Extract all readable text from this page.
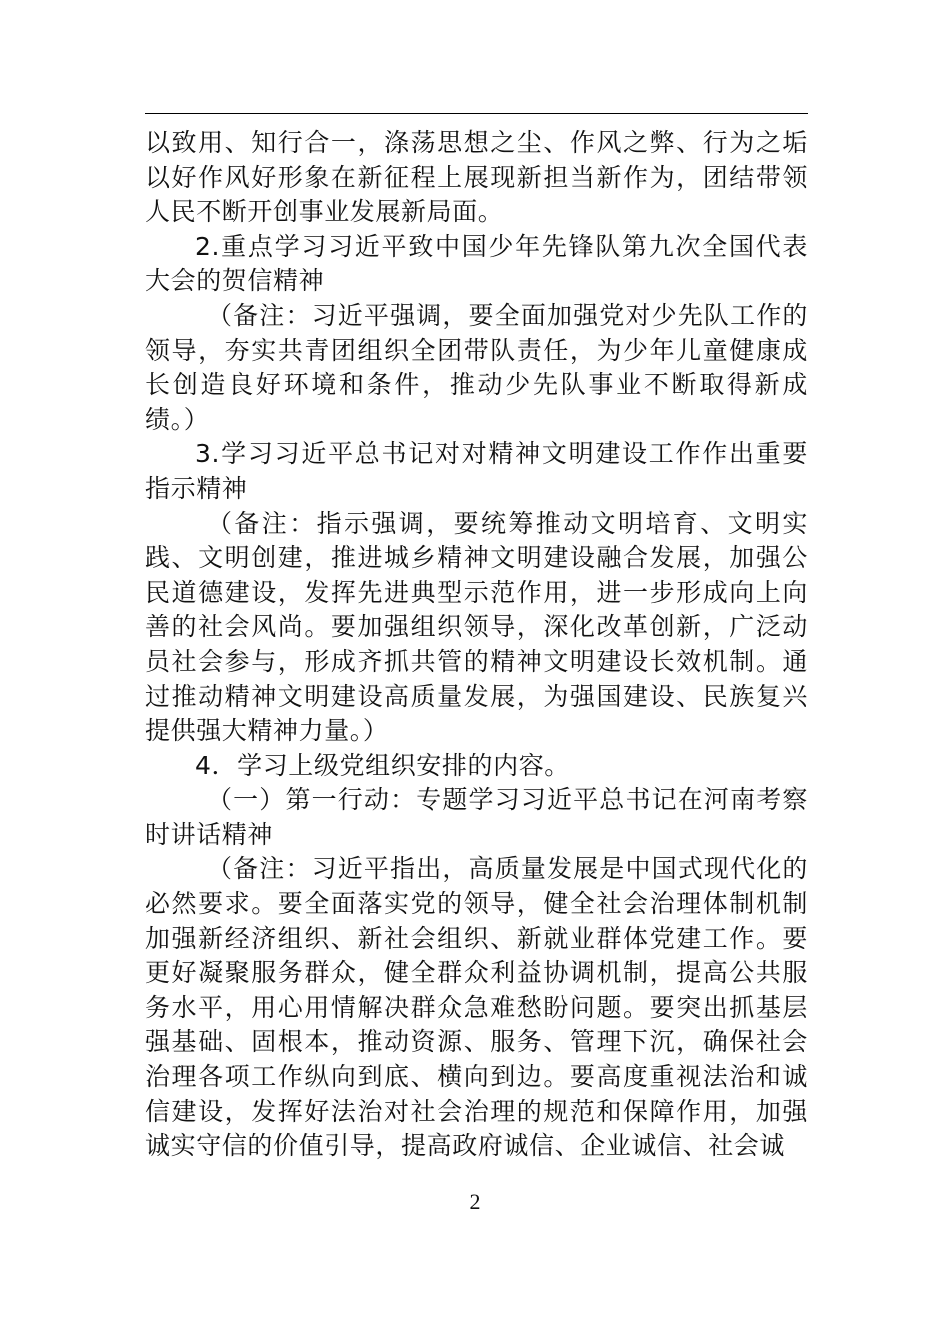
以致用、知行合一，涤荡思想之尘、作风之弊、行为之垢以好作风好形象在新征程上展现新担当新作为，团结带领人民不断开创事业发展新局面。

2.重点学习习近平致中国少年先锋队第九次全国代表大会的贺信精神

（备注：习近平强调，要全面加强党对少先队工作的领导，夯实共青团组织全团带队责任，为少年儿童健康成长创造良好环境和条件，推动少先队事业不断取得新成绩。）

3.学习习近平总书记对对精神文明建设工作作出重要指示精神

（备注：指示强调，要统筹推动文明培育、文明实践、文明创建，推进城乡精神文明建设融合发展，加强公民道德建设，发挥先进典型示范作用，进一步形成向上向善的社会风尚。要加强组织领导，深化改革创新，广泛动员社会参与，形成齐抓共管的精神文明建设长效机制。通过推动精神文明建设高质量发展，为强国建设、民族复兴提供强大精神力量。）

4．学习上级党组织安排的内容。

（一）第一行动：专题学习习近平总书记在河南考察时讲话精神

（备注：习近平指出，高质量发展是中国式现代化的必然要求。要全面落实党的领导，健全社会治理体制机制加强新经济组织、新社会组织、新就业群体党建工作。要更好凝聚服务群众，健全群众利益协调机制，提高公共服务水平，用心用情解决群众急难愁盼问题。要突出抓基层强基础、固根本，推动资源、服务、管理下沉，确保社会治理各项工作纵向到底、横向到边。要高度重视法治和诚信建设，发挥好法治对社会治理的规范和保障作用，加强诚实守信的价值引导，提高政府诚信、企业诚信、社会诚

2
